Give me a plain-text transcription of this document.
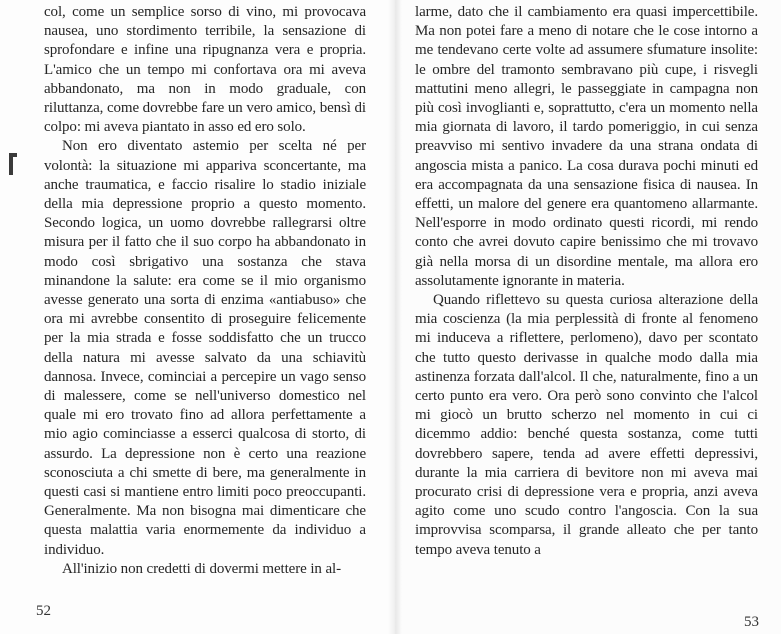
col, come un semplice sorso di vino, mi provocava nausea, uno stordimento terribile, la sensazione di sprofondare e infine una ripugnanza vera e propria. L'amico che un tempo mi confortava ora mi aveva abbandonato, ma non in modo graduale, con riluttanza, come dovrebbe fare un vero amico, bensì di colpo: mi aveva piantato in asso ed ero solo.

Non ero diventato astemio per scelta né per volontà: la situazione mi appariva sconcertante, ma anche traumatica, e faccio risalire lo stadio iniziale della mia depressione proprio a questo momento. Secondo logica, un uomo dovrebbe rallegrarsi oltre misura per il fatto che il suo corpo ha abbandonato in modo così sbrigativo una sostanza che stava minandone la salute: era come se il mio organismo avesse generato una sorta di enzima «antiabuso» che ora mi avrebbe consentito di proseguire felicemente per la mia strada e fosse soddisfatto che un trucco della natura mi avesse salvato da una schiavitù dannosa. Invece, cominciai a percepire un vago senso di malessere, come se nell'universo domestico nel quale mi ero trovato fino ad allora perfettamente a mio agio cominciasse a esserci qualcosa di storto, di assurdo. La depressione non è certo una reazione sconosciuta a chi smette di bere, ma generalmente in questi casi si mantiene entro limiti poco preoccupanti. Generalmente. Ma non bisogna mai dimenticare che questa malattia varia enormemente da individuo a individuo.

All'inizio non credetti di dovermi mettere in al-

larme, dato che il cambiamento era quasi impercettibile. Ma non potei fare a meno di notare che le cose intorno a me tendevano certe volte ad assumere sfumature insolite: le ombre del tramonto sembravano più cupe, i risvegli mattutini meno allegri, le passeggiate in campagna non più così invoglianti e, soprattutto, c'era un momento nella mia giornata di lavoro, il tardo pomeriggio, in cui senza preavviso mi sentivo invadere da una strana ondata di angoscia mista a panico. La cosa durava pochi minuti ed era accompagnata da una sensazione fisica di nausea. In effetti, un malore del genere era quantomeno allarmante. Nell'esporre in modo ordinato questi ricordi, mi rendo conto che avrei dovuto capire benissimo che mi trovavo già nella morsa di un disordine mentale, ma allora ero assolutamente ignorante in materia.

Quando riflettevo su questa curiosa alterazione della mia coscienza (la mia perplessità di fronte al fenomeno mi induceva a riflettere, perlomeno), davo per scontato che tutto questo derivasse in qualche modo dalla mia astinenza forzata dall'alcol. Il che, naturalmente, fino a un certo punto era vero. Ora però sono convinto che l'alcol mi giocò un brutto scherzo nel momento in cui ci dicemmo addio: benché questa sostanza, come tutti dovrebbero sapere, tenda ad avere effetti depressivi, durante la mia carriera di bevitore non mi aveva mai procurato crisi di depressione vera e propria, anzi aveva agito come uno scudo contro l'angoscia. Con la sua improvvisa scomparsa, il grande alleato che per tanto tempo aveva tenuto a

52
53
